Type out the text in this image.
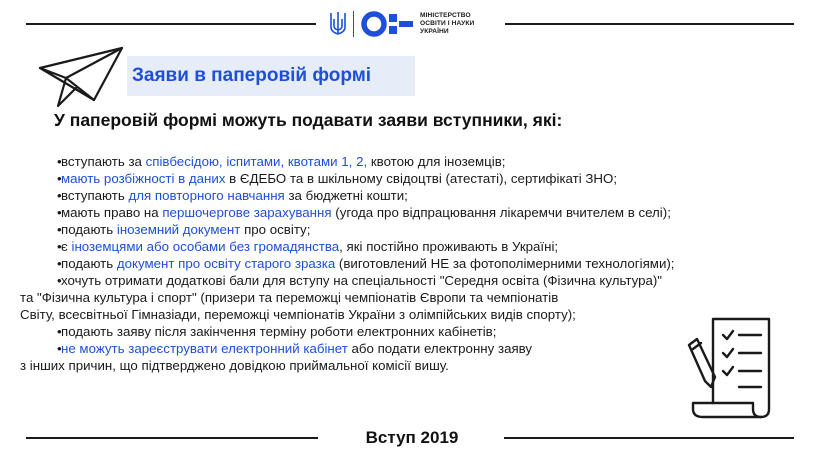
МІНІСТЕРСТВО
ОСВІТИ І НАУКИ
УКРАЇНИ
Заяви в паперовій формі
У паперовій формі можуть подавати заяви вступники, які:
• вступають за співбесідою, іспитами, квотами 1, 2, квотою для іноземців;
• мають розбіжності в даних в ЄДЕБО та в шкільному свідоцтві (атестаті), сертифікаті ЗНО;
• вступають для повторного навчання за бюджетні кошти;
• мають право на першочергове зарахування (угода про відпрацювання лікаремчи вчителем в селі);
• подають іноземний документ про освіту;
• є іноземцями або особами без громадянства, які постійно проживають в Україні;
• подають документ про освіту старого зразка (виготовлений НЕ за фотополімерними технологіями);
• хочуть отримати додаткові бали для вступу на спеціальності "Середня освіта (Фізична культура)"
та "Фізична культура і спорт" (призери та переможці чемпіонатів Європи та чемпіонатів
Світу, всесвітньої Гімназіади, переможці чемпіонатів України з олімпійських видів спорту);
• подають заяву після закінчення терміну роботи електронних кабінетів;
• не можуть зареєструвати електронний кабінет або подати електронну заяву
з інших причин, що підтверджено довідкою приймальної комісії вишу.
Вступ 2019
